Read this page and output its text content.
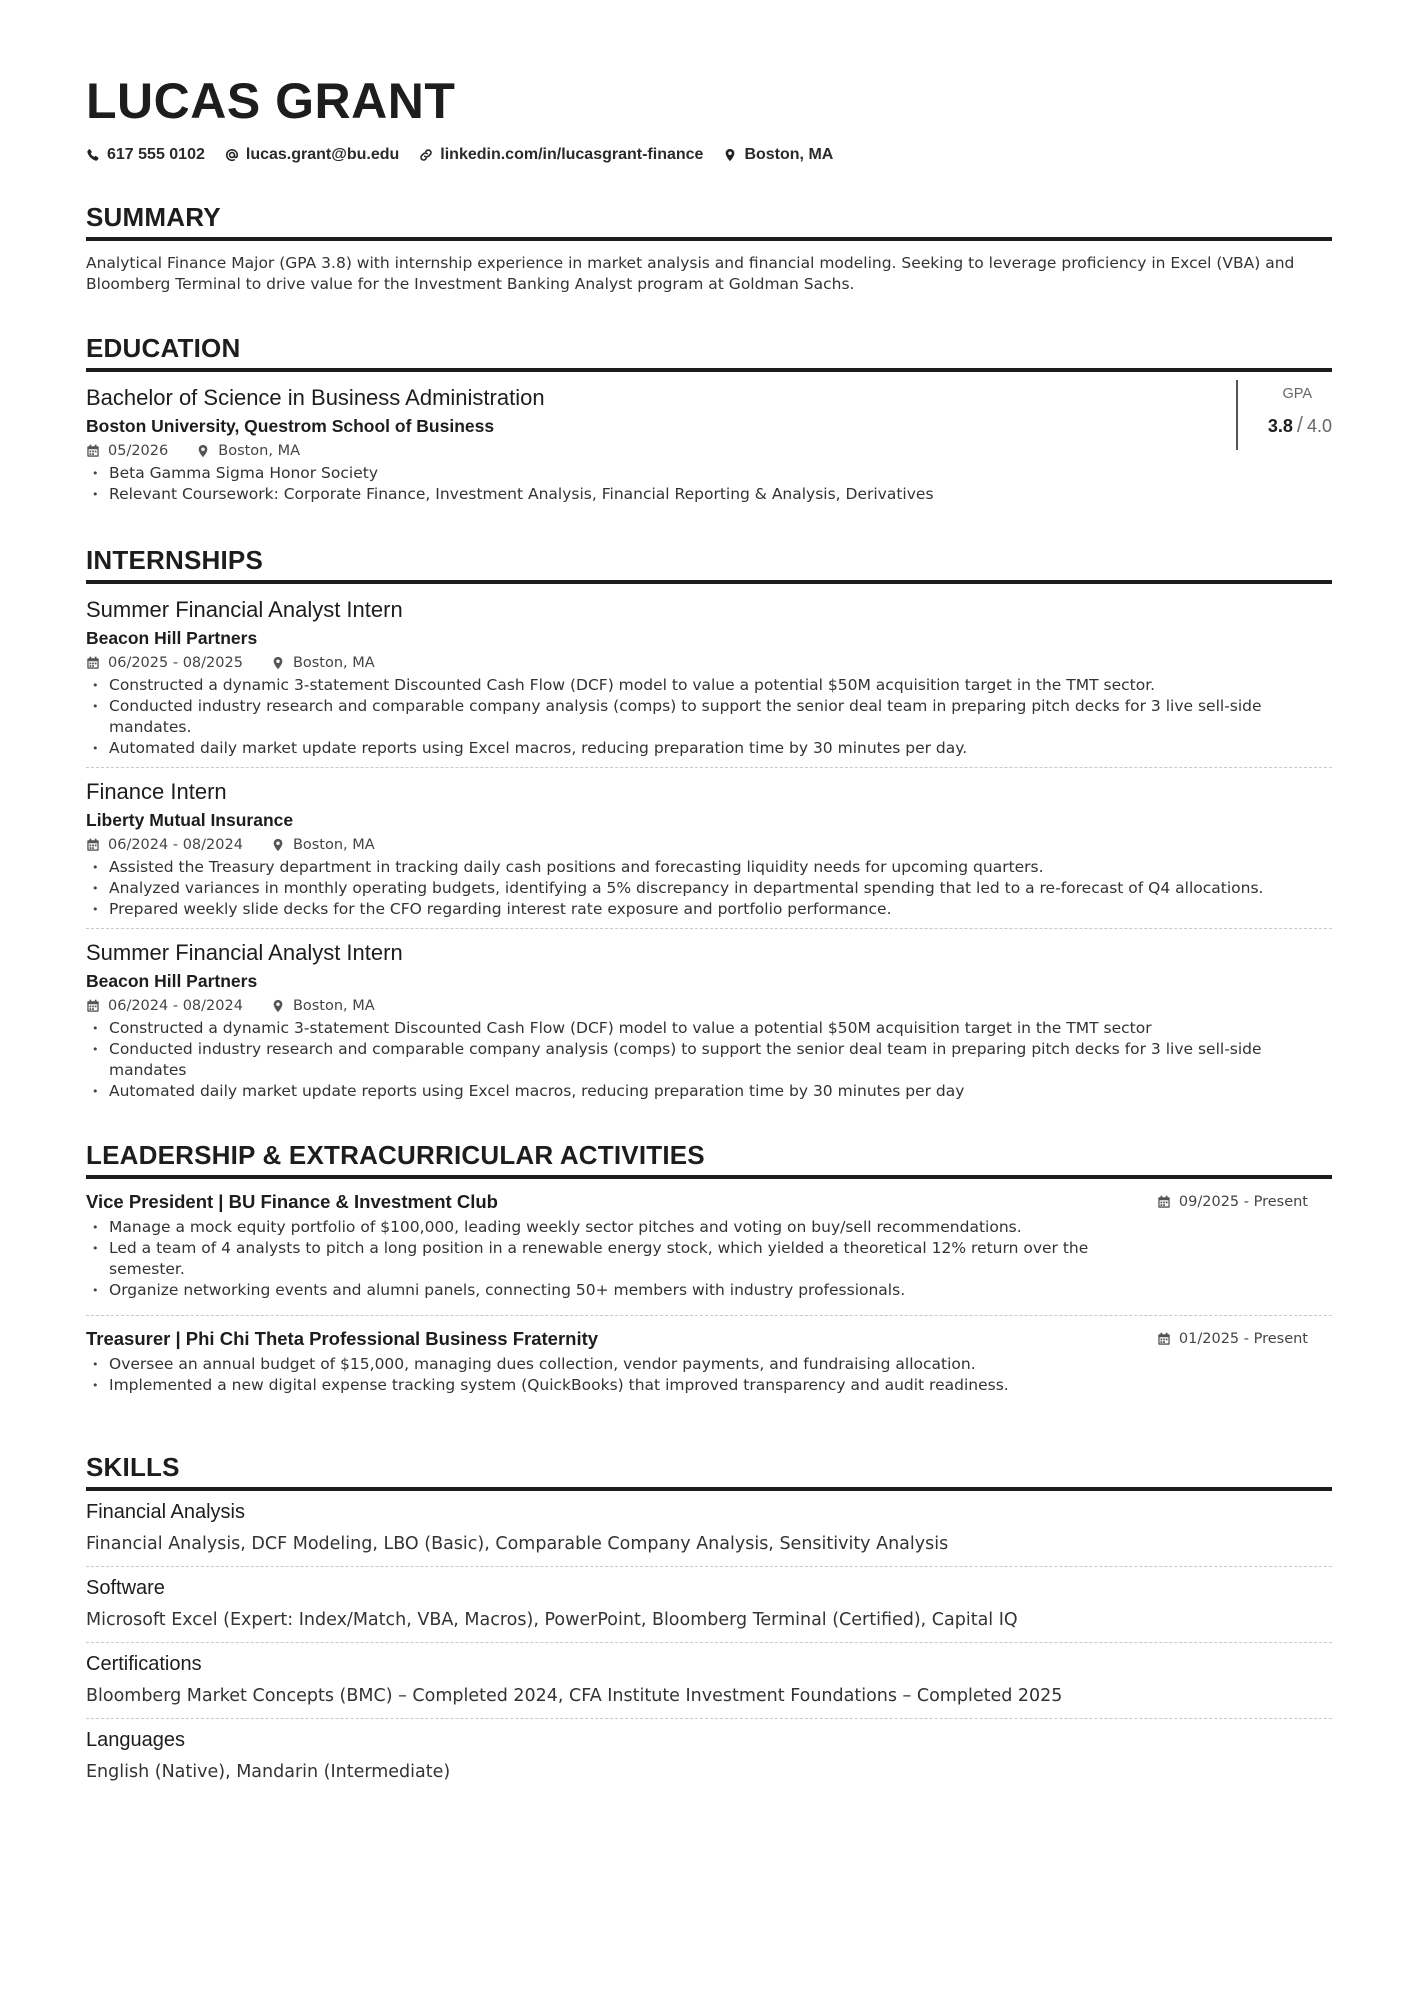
LUCAS GRANT
617 555 0102	lucas.grant@bu.edu	linkedin.com/in/lucasgrant-finance	Boston, MA
SUMMARY
Analytical Finance Major (GPA 3.8) with internship experience in market analysis and financial modeling. Seeking to leverage proficiency in Excel (VBA) and Bloomberg Terminal to drive value for the Investment Banking Analyst program at Goldman Sachs.
EDUCATION
Bachelor of Science in Business Administration
Boston University, Questrom School of Business
05/2026	Boston, MA
• Beta Gamma Sigma Honor Society
• Relevant Coursework: Corporate Finance, Investment Analysis, Financial Reporting & Analysis, Derivatives
GPA
3.8 / 4.0
INTERNSHIPS
Summer Financial Analyst Intern
Beacon Hill Partners
06/2025 - 08/2025	Boston, MA
• Constructed a dynamic 3-statement Discounted Cash Flow (DCF) model to value a potential $50M acquisition target in the TMT sector.
• Conducted industry research and comparable company analysis (comps) to support the senior deal team in preparing pitch decks for 3 live sell-side mandates.
• Automated daily market update reports using Excel macros, reducing preparation time by 30 minutes per day.
Finance Intern
Liberty Mutual Insurance
06/2024 - 08/2024	Boston, MA
• Assisted the Treasury department in tracking daily cash positions and forecasting liquidity needs for upcoming quarters.
• Analyzed variances in monthly operating budgets, identifying a 5% discrepancy in departmental spending that led to a re-forecast of Q4 allocations.
• Prepared weekly slide decks for the CFO regarding interest rate exposure and portfolio performance.
Summer Financial Analyst Intern
Beacon Hill Partners
06/2024 - 08/2024	Boston, MA
• Constructed a dynamic 3-statement Discounted Cash Flow (DCF) model to value a potential $50M acquisition target in the TMT sector
• Conducted industry research and comparable company analysis (comps) to support the senior deal team in preparing pitch decks for 3 live sell-side mandates
• Automated daily market update reports using Excel macros, reducing preparation time by 30 minutes per day
LEADERSHIP & EXTRACURRICULAR ACTIVITIES
Vice President | BU Finance & Investment Club	09/2025 - Present
• Manage a mock equity portfolio of $100,000, leading weekly sector pitches and voting on buy/sell recommendations.
• Led a team of 4 analysts to pitch a long position in a renewable energy stock, which yielded a theoretical 12% return over the semester.
• Organize networking events and alumni panels, connecting 50+ members with industry professionals.
Treasurer | Phi Chi Theta Professional Business Fraternity	01/2025 - Present
• Oversee an annual budget of $15,000, managing dues collection, vendor payments, and fundraising allocation.
• Implemented a new digital expense tracking system (QuickBooks) that improved transparency and audit readiness.
SKILLS
Financial Analysis
Financial Analysis, DCF Modeling, LBO (Basic), Comparable Company Analysis, Sensitivity Analysis
Software
Microsoft Excel (Expert: Index/Match, VBA, Macros), PowerPoint, Bloomberg Terminal (Certified), Capital IQ
Certifications
Bloomberg Market Concepts (BMC) – Completed 2024, CFA Institute Investment Foundations – Completed 2025
Languages
English (Native), Mandarin (Intermediate)
